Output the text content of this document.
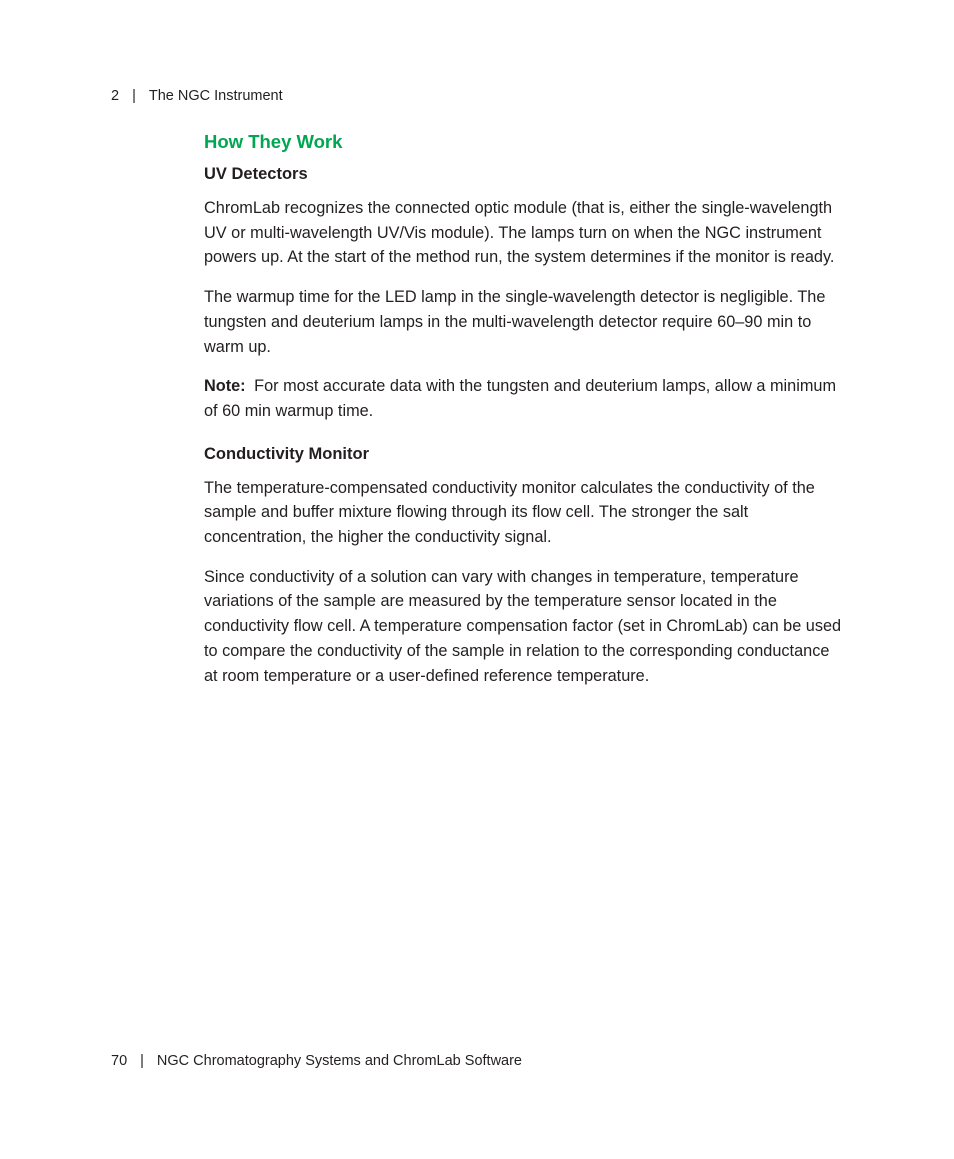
2 | The NGC Instrument
How They Work
UV Detectors

ChromLab recognizes the connected optic module (that is, either the single-wavelength UV or multi-wavelength UV/Vis module). The lamps turn on when the NGC instrument powers up. At the start of the method run, the system determines if the monitor is ready.

The warmup time for the LED lamp in the single-wavelength detector is negligible. The tungsten and deuterium lamps in the multi-wavelength detector require 60–90 min to warm up.

Note: For most accurate data with the tungsten and deuterium lamps, allow a minimum of 60 min warmup time.

Conductivity Monitor

The temperature-compensated conductivity monitor calculates the conductivity of the sample and buffer mixture flowing through its flow cell. The stronger the salt concentration, the higher the conductivity signal.

Since conductivity of a solution can vary with changes in temperature, temperature variations of the sample are measured by the temperature sensor located in the conductivity flow cell. A temperature compensation factor (set in ChromLab) can be used to compare the conductivity of the sample in relation to the corresponding conductance at room temperature or a user-defined reference temperature.

70 | NGC Chromatography Systems and ChromLab Software
